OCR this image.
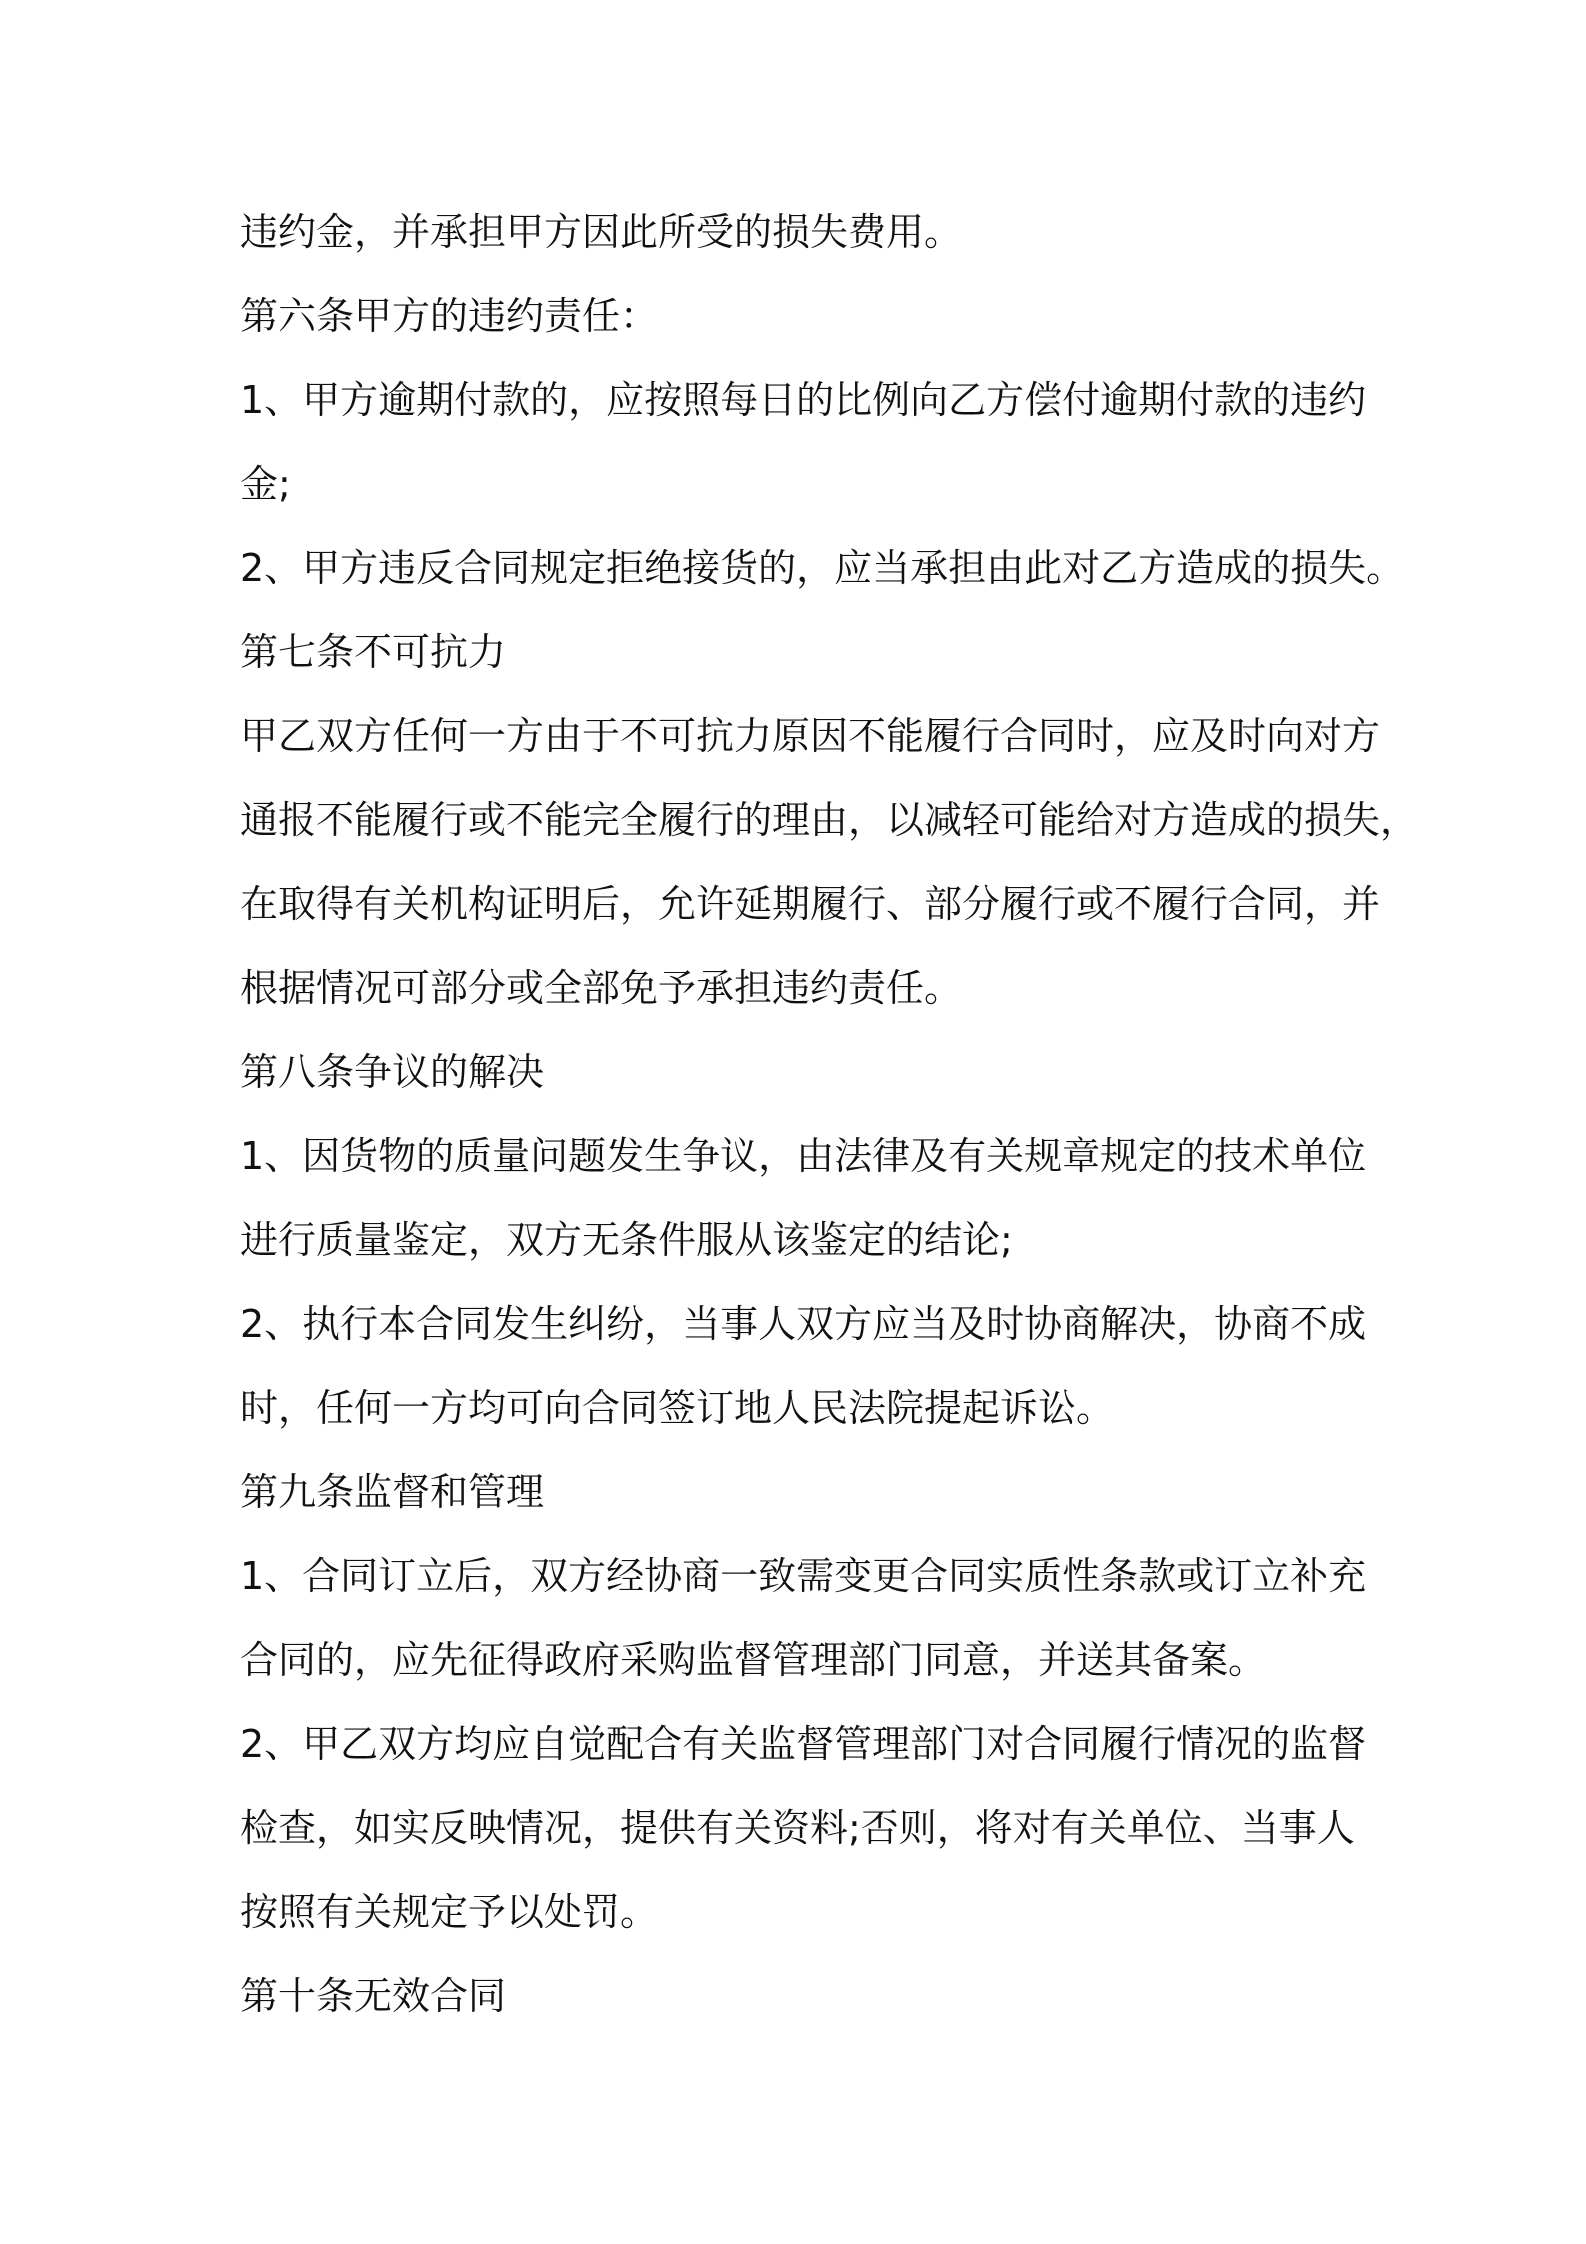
违约金，并承担甲方因此所受的损失费用。
第六条甲方的违约责任：
1、甲方逾期付款的，应按照每日的比例向乙方偿付逾期付款的违约
金;
2、甲方违反合同规定拒绝接货的，应当承担由此对乙方造成的损失。
第七条不可抗力
甲乙双方任何一方由于不可抗力原因不能履行合同时，应及时向对方
通报不能履行或不能完全履行的理由，以减轻可能给对方造成的损失，
在取得有关机构证明后，允许延期履行、部分履行或不履行合同，并
根据情况可部分或全部免予承担违约责任。
第八条争议的解决
1、因货物的质量问题发生争议，由法律及有关规章规定的技术单位
进行质量鉴定，双方无条件服从该鉴定的结论;
2、执行本合同发生纠纷，当事人双方应当及时协商解决，协商不成
时，任何一方均可向合同签订地人民法院提起诉讼。
第九条监督和管理
1、合同订立后，双方经协商一致需变更合同实质性条款或订立补充
合同的，应先征得政府采购监督管理部门同意，并送其备案。
2、甲乙双方均应自觉配合有关监督管理部门对合同履行情况的监督
检查，如实反映情况，提供有关资料;否则，将对有关单位、当事人
按照有关规定予以处罚。
第十条无效合同
